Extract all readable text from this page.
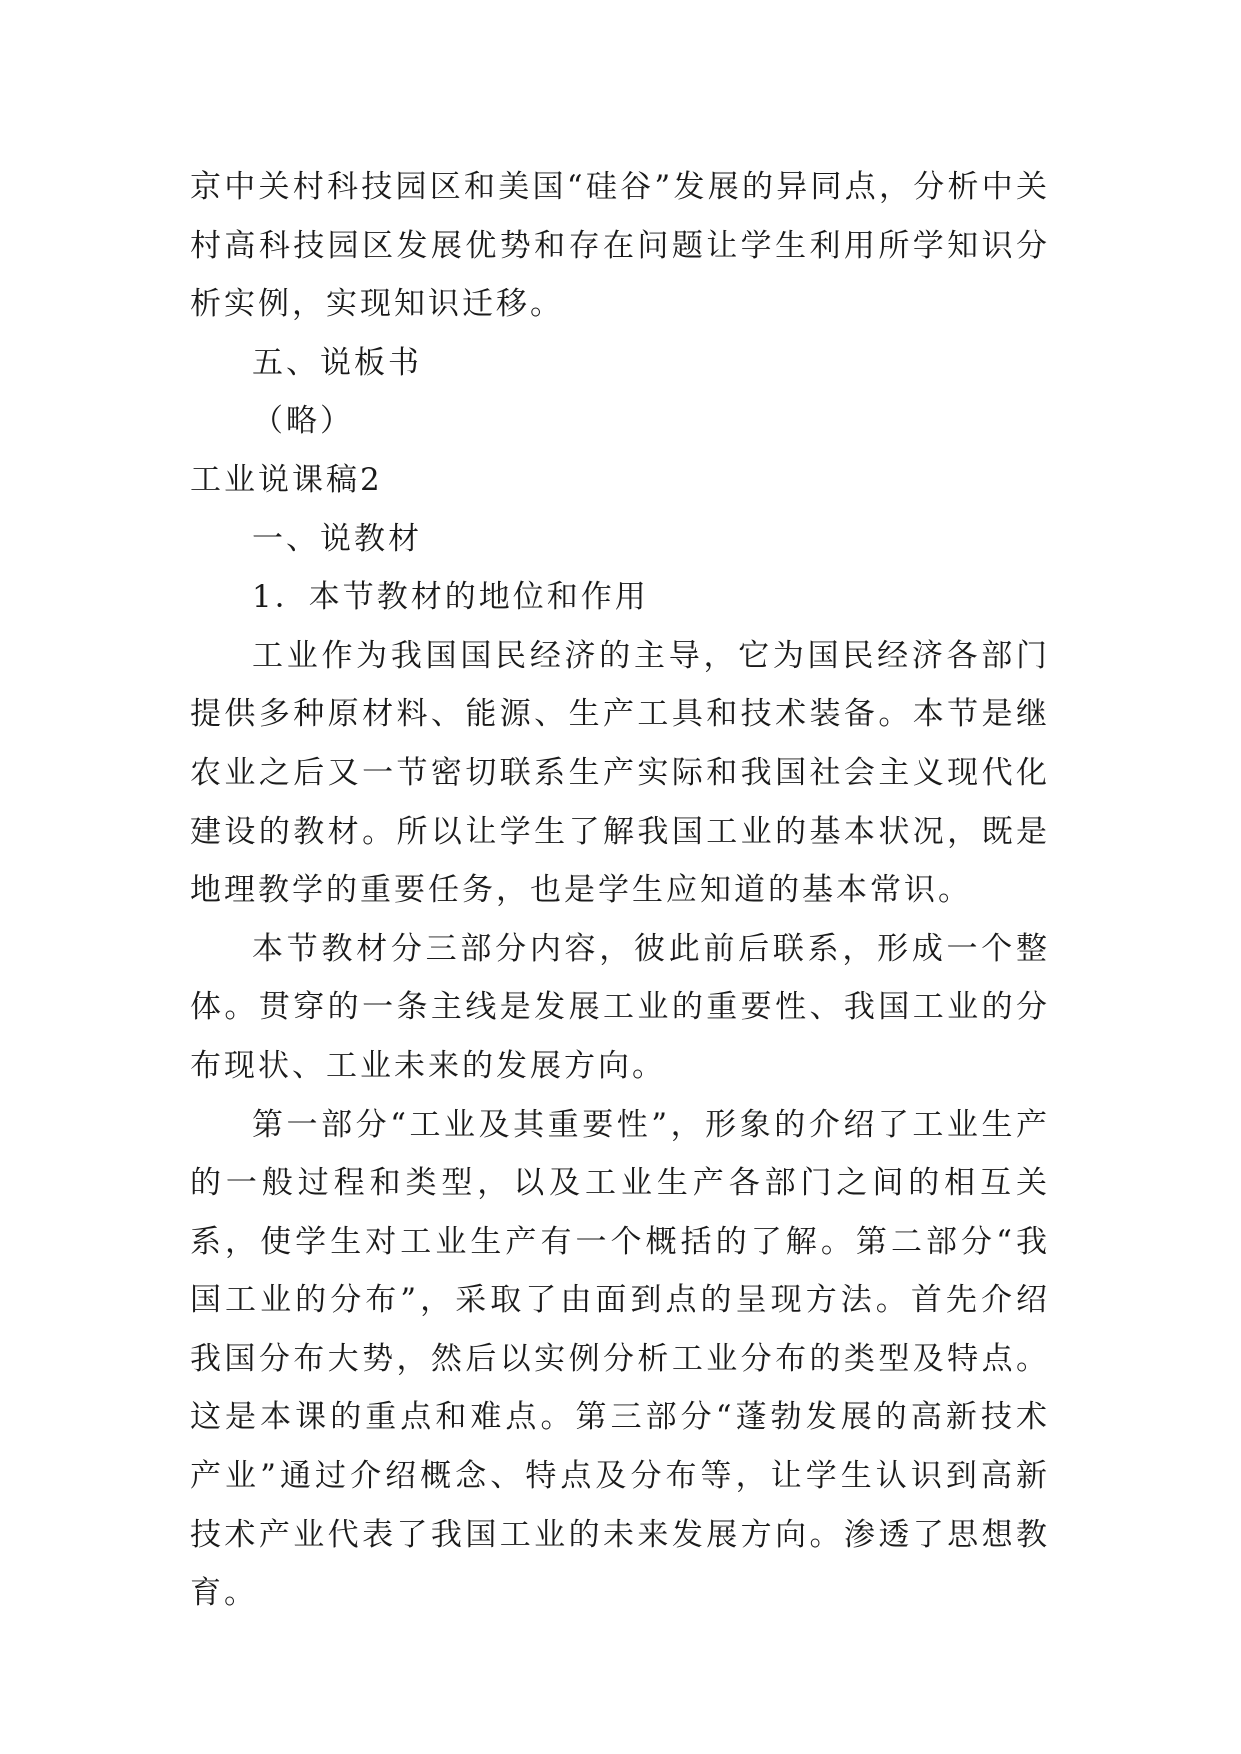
京中关村科技园区和美国“硅谷”发展的异同点，分析中关村高科技园区发展优势和存在问题让学生利用所学知识分析实例，实现知识迁移。

五、说板书

（略）

工业说课稿2

一、说教材

1．本节教材的地位和作用

工业作为我国国民经济的主导，它为国民经济各部门提供多种原材料、能源、生产工具和技术装备。本节是继农业之后又一节密切联系生产实际和我国社会主义现代化建设的教材。所以让学生了解我国工业的基本状况，既是地理教学的重要任务，也是学生应知道的基本常识。

本节教材分三部分内容，彼此前后联系，形成一个整体。贯穿的一条主线是发展工业的重要性、我国工业的分布现状、工业未来的发展方向。

第一部分“工业及其重要性”，形象的介绍了工业生产的一般过程和类型，以及工业生产各部门之间的相互关系，使学生对工业生产有一个概括的了解。第二部分“我国工业的分布”，采取了由面到点的呈现方法。首先介绍我国分布大势，然后以实例分析工业分布的类型及特点。这是本课的重点和难点。第三部分“蓬勃发展的高新技术产业”通过介绍概念、特点及分布等，让学生认识到高新技术产业代表了我国工业的未来发展方向。渗透了思想教育。
